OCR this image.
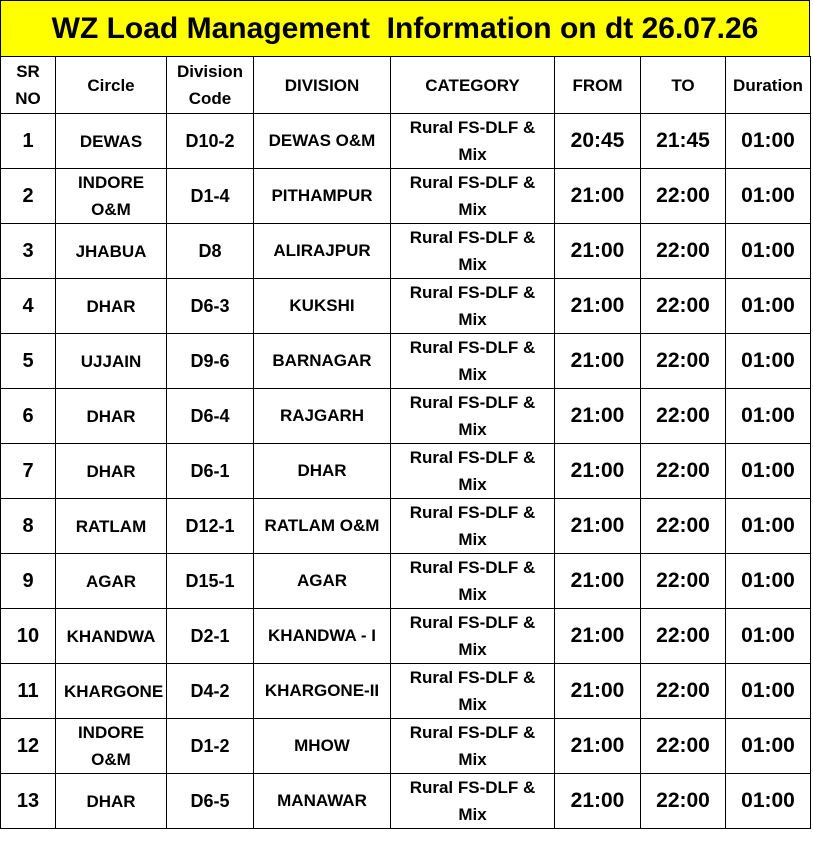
WZ Load Management  Information on dt 26.07.26
SR NO	Circle	Division Code	DIVISION	CATEGORY	FROM	TO	Duration
1	DEWAS	D10-2	DEWAS O&M	Rural FS-DLF & Mix	20:45	21:45	01:00
2	INDORE O&M	D1-4	PITHAMPUR	Rural FS-DLF & Mix	21:00	22:00	01:00
3	JHABUA	D8	ALIRAJPUR	Rural FS-DLF & Mix	21:00	22:00	01:00
4	DHAR	D6-3	KUKSHI	Rural FS-DLF & Mix	21:00	22:00	01:00
5	UJJAIN	D9-6	BARNAGAR	Rural FS-DLF & Mix	21:00	22:00	01:00
6	DHAR	D6-4	RAJGARH	Rural FS-DLF & Mix	21:00	22:00	01:00
7	DHAR	D6-1	DHAR	Rural FS-DLF & Mix	21:00	22:00	01:00
8	RATLAM	D12-1	RATLAM O&M	Rural FS-DLF & Mix	21:00	22:00	01:00
9	AGAR	D15-1	AGAR	Rural FS-DLF & Mix	21:00	22:00	01:00
10	KHANDWA	D2-1	KHANDWA - I	Rural FS-DLF & Mix	21:00	22:00	01:00
11	KHARGONE	D4-2	KHARGONE-II	Rural FS-DLF & Mix	21:00	22:00	01:00
12	INDORE O&M	D1-2	MHOW	Rural FS-DLF & Mix	21:00	22:00	01:00
13	DHAR	D6-5	MANAWAR	Rural FS-DLF & Mix	21:00	22:00	01:00
